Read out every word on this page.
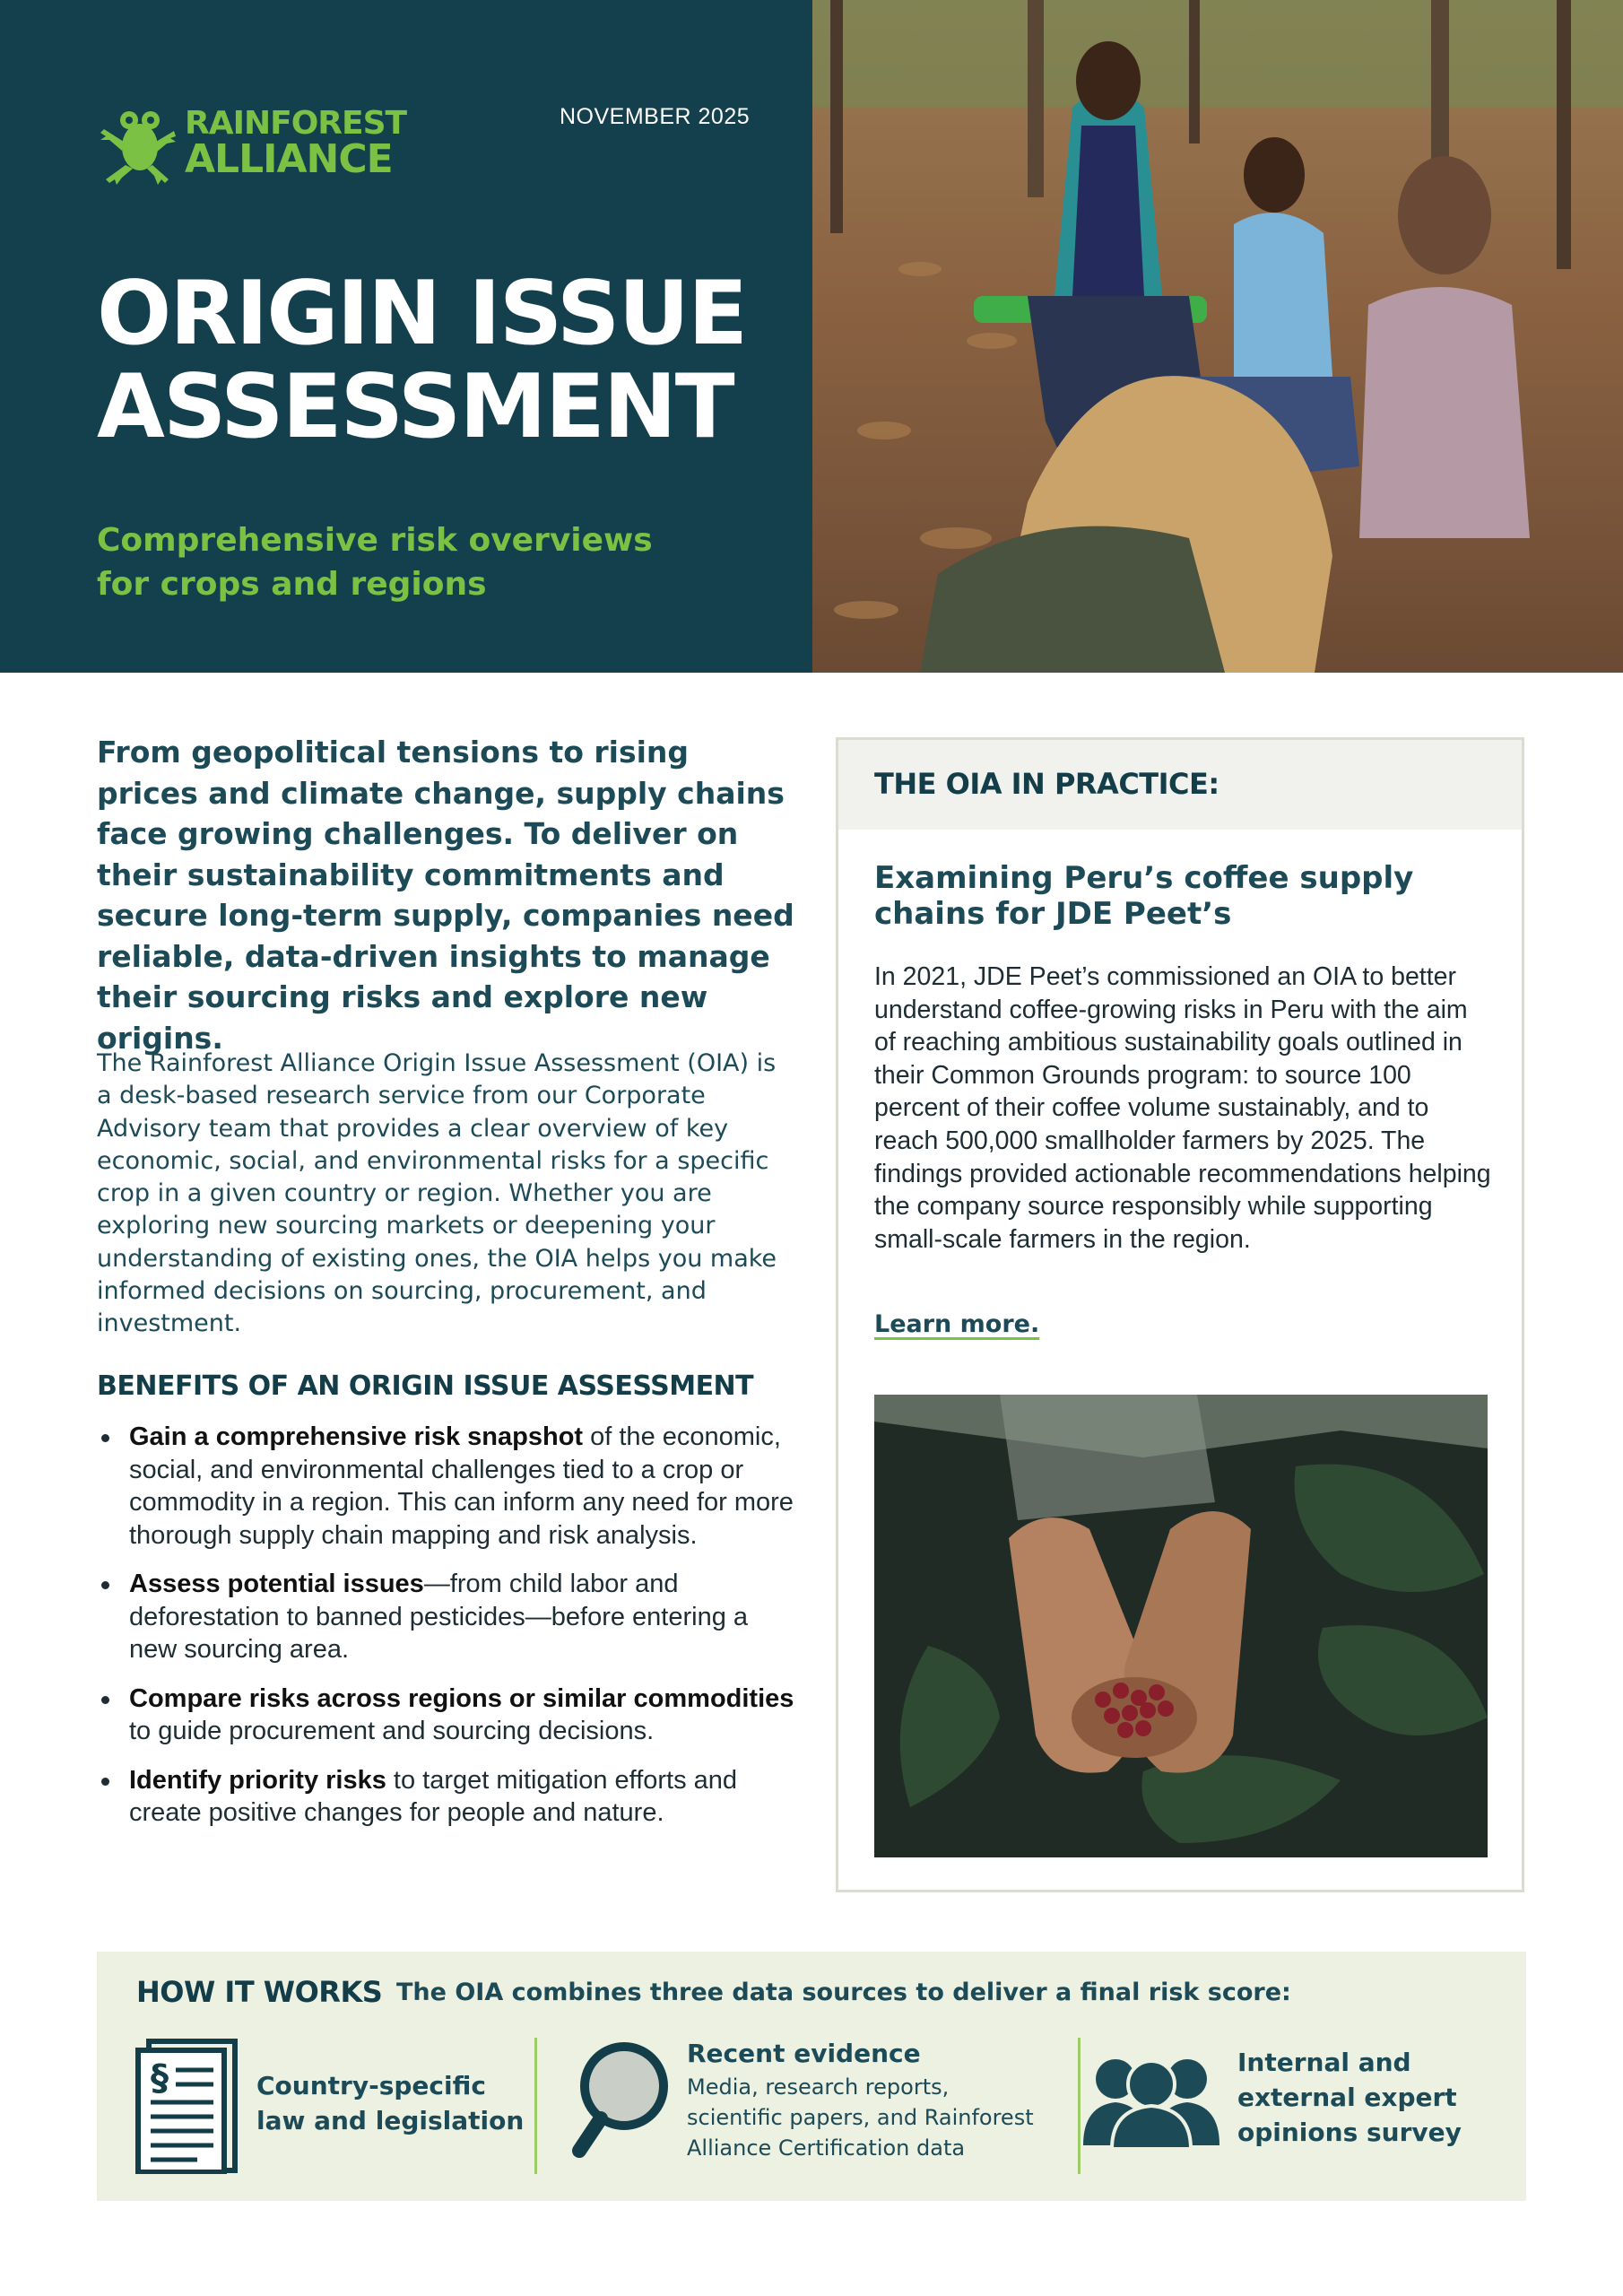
RAINFOREST
ALLIANCE
NOVEMBER 2025
ORIGIN ISSUE
ASSESSMENT

Comprehensive risk overviews
for crops and regions

From geopolitical tensions to rising prices and climate change, supply chains face growing challenges. To deliver on their sustainability commitments and secure long-term supply, companies need reliable, data-driven insights to manage their sourcing risks and explore new origins.

The Rainforest Alliance Origin Issue Assessment (OIA) is a desk-based research service from our Corporate Advisory team that provides a clear overview of key economic, social, and environmental risks for a specific crop in a given country or region. Whether you are exploring new sourcing markets or deepening your understanding of existing ones, the OIA helps you make informed decisions on sourcing, procurement, and investment.

BENEFITS OF AN ORIGIN ISSUE ASSESSMENT
Gain a comprehensive risk snapshot of the economic, social, and environmental challenges tied to a crop or commodity in a region. This can inform any need for more thorough supply chain mapping and risk analysis.
Assess potential issues—from child labor and deforestation to banned pesticides—before entering a new sourcing area.
Compare risks across regions or similar commodities to guide procurement and sourcing decisions.
Identify priority risks to target mitigation efforts and create positive changes for people and nature.
THE OIA IN PRACTICE:
Examining Peru’s coffee supply chains for JDE Peet’s

In 2021, JDE Peet’s commissioned an OIA to better understand coffee-growing risks in Peru with the aim of reaching ambitious sustainability goals outlined in their Common Grounds program: to source 100 percent of their coffee volume sustainably, and to reach 500,000 smallholder farmers by 2025. The findings provided actionable recommendations helping the company source responsibly while supporting small-scale farmers in the region.

Learn more.
HOW IT WORKS The OIA combines three data sources to deliver a final risk score:

§	Country-specific
law and legislation

Recent evidence

Media, research reports,
scientific papers, and Rainforest
Alliance Certification data

Internal and
external expert
opinions survey
